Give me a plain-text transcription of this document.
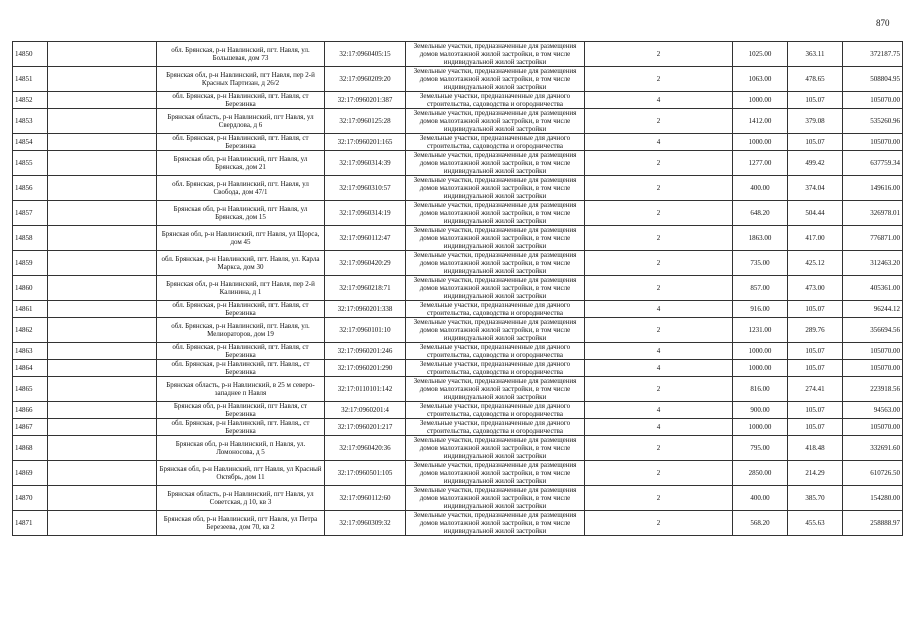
870
14850		обл. Брянская, р-н Навлинский, пгт. Навля, ул. Большевая, дом 73	32:17:0960405:15	Земельные участки, предназначенные для размещения домов малоэтажной жилой застройки, в том числе индивидуальной жилой застройки	2	1025.00	363.11	372187.75
14851		Брянская обл, р-н Навлинский, пгт Навля, пер 2-й Красных Партизан, д 26/2	32:17:0960209:20	Земельные участки, предназначенные для размещения домов малоэтажной жилой застройки, в том числе индивидуальной жилой застройки	2	1063.00	478.65	508804.95
14852		обл. Брянская, р-н Навлинский, пгт. Навля, ст Березинка	32:17:0960201:387	Земельные участки, предназначенные для дачного строительства, садоводства и огородничества	4	1000.00	105.07	105070.00
14853		Брянская область, р-н Навлинский, пгт Навля, ул Свердлова, д 6	32:17:0960125:28	Земельные участки, предназначенные для размещения домов малоэтажной жилой застройки, в том числе индивидуальной жилой застройки	2	1412.00	379.08	535260.96
14854		обл. Брянская, р-н Навлинский, пгт. Навля, ст Березинка	32:17:0960201:165	Земельные участки, предназначенные для дачного строительства, садоводства и огородничества	4	1000.00	105.07	105070.00
14855		Брянская обл, р-н Навлинский, пгт Навля, ул Брянская, дом 21	32:17:0960314:39	Земельные участки, предназначенные для размещения домов малоэтажной жилой застройки, в том числе индивидуальной жилой застройки	2	1277.00	499.42	637759.34
14856		обл. Брянская, р-н Навлинский, пгт. Навля, ул Свобода, дом 47/1	32:17:0960310:57	Земельные участки, предназначенные для размещения домов малоэтажной жилой застройки, в том числе индивидуальной жилой застройки	2	400.00	374.04	149616.00
14857		Брянская обл, р-н Навлинский, пгт Навля, ул Брянская, дом 15	32:17:0960314:19	Земельные участки, предназначенные для размещения домов малоэтажной жилой застройки, в том числе индивидуальной жилой застройки	2	648.20	504.44	326978.01
14858		Брянская обл, р-н Навлинский, пгт Навля, ул Щорса, дом 45	32:17:0960112:47	Земельные участки, предназначенные для размещения домов малоэтажной жилой застройки, в том числе индивидуальной жилой застройки	2	1863.00	417.00	776871.00
14859		обл. Брянская, р-н Навлинский, пгт. Навля, ул. Карла Маркса, дом 30	32:17:0960420:29	Земельные участки, предназначенные для размещения домов малоэтажной жилой застройки, в том числе индивидуальной жилой застройки	2	735.00	425.12	312463.20
14860		Брянская обл, р-н Навлинский, пгт Навля, пер 2-й Калинина, д 1	32:17:0960218:71	Земельные участки, предназначенные для размещения домов малоэтажной жилой застройки, в том числе индивидуальной жилой застройки	2	857.00	473.00	405361.00
14861		обл. Брянская, р-н Навлинский, пгт. Навля, ст Березинка	32:17:0960201:338	Земельные участки, предназначенные для дачного строительства, садоводства и огородничества	4	916.00	105.07	96244.12
14862		обл. Брянская, р-н Навлинский, пгт. Навля, ул. Мелиораторов, дом 19	32:17:0960101:10	Земельные участки, предназначенные для размещения домов малоэтажной жилой застройки, в том числе индивидуальной жилой застройки	2	1231.00	289.76	356694.56
14863		обл. Брянская, р-н Навлинский, пгт. Навля, ст Березинка	32:17:0960201:246	Земельные участки, предназначенные для дачного строительства, садоводства и огородничества	4	1000.00	105.07	105070.00
14864		обл. Брянская, р-н Навлинский, пгт. Навля,, ст Березинка	32:17:0960201:290	Земельные участки, предназначенные для дачного строительства, садоводства и огородничества	4	1000.00	105.07	105070.00
14865		Брянская область, р-н Навлинский, в 25 м северо-западнее п Навля	32:17:0110101:142	Земельные участки, предназначенные для размещения домов малоэтажной жилой застройки, в том числе индивидуальной жилой застройки	2	816.00	274.41	223918.56
14866		Брянская обл, р-н Навлинский, пгт Навля, ст Березинка	32:17:0960201:4	Земельные участки, предназначенные для дачного строительства, садоводства и огородничества	4	900.00	105.07	94563.00
14867		обл. Брянская, р-н Навлинский, пгт. Навля,, ст Березинка	32:17:0960201:217	Земельные участки, предназначенные для дачного строительства, садоводства и огородничества	4	1000.00	105.07	105070.00
14868		Брянская обл, р-н Навлинский, п Навля, ул. Ломоносова, д 5	32:17:0960420:36	Земельные участки, предназначенные для размещения домов малоэтажной жилой застройки, в том числе индивидуальной жилой застройки	2	795.00	418.48	332691.60
14869		Брянская обл, р-н Навлинский, пгт Навля, ул Красный Октябрь, дом 11	32:17:0960501:105	Земельные участки, предназначенные для размещения домов малоэтажной жилой застройки, в том числе индивидуальной жилой застройки	2	2850.00	214.29	610726.50
14870		Брянская область, р-н Навлинский, пгт Навля, ул Советская, д 10, кв 3	32:17:0960112:60	Земельные участки, предназначенные для размещения домов малоэтажной жилой застройки, в том числе индивидуальной жилой застройки	2	400.00	385.70	154280.00
14871		Брянская обл, р-н Навлинский, пгт Навля, ул Петра Березеева, дом 70, кв 2	32:17:0960309:32	Земельные участки, предназначенные для размещения домов малоэтажной жилой застройки, в том числе индивидуальной жилой застройки	2	568.20	455.63	258888.97
